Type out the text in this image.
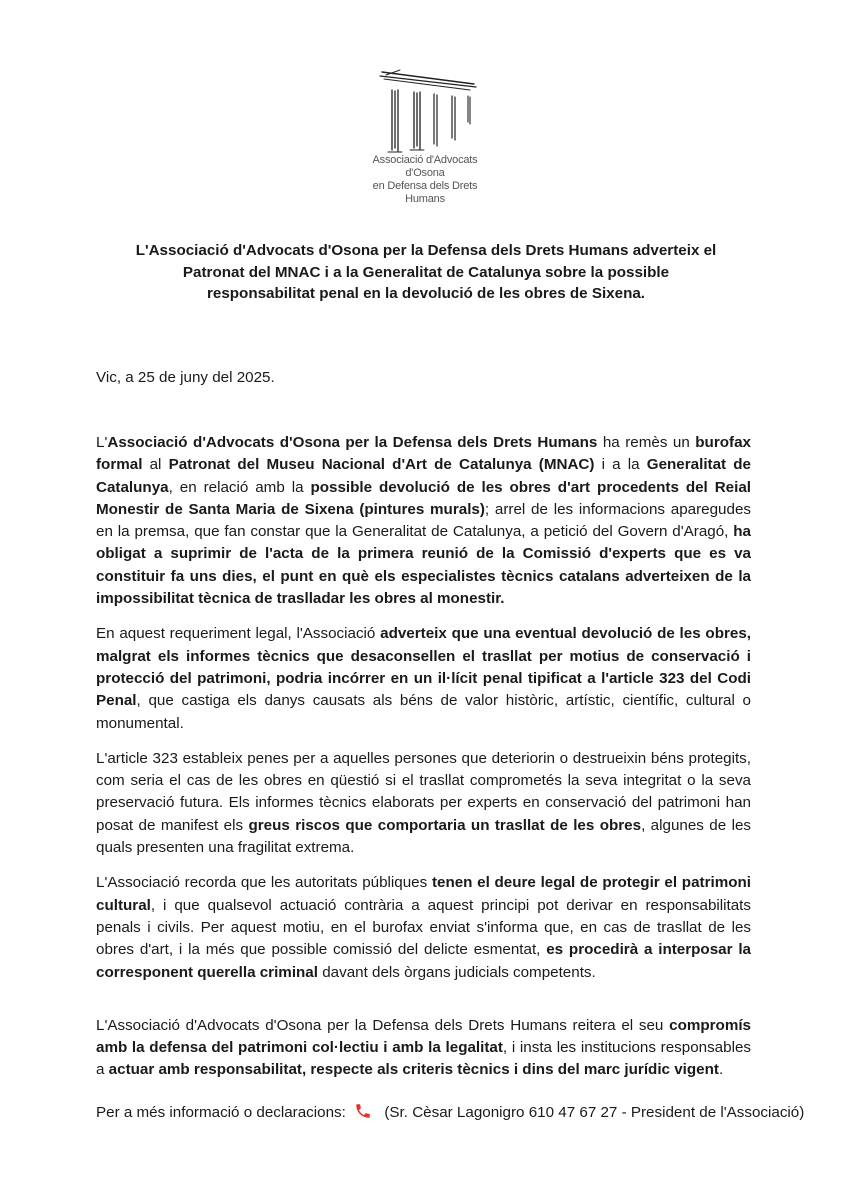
Associació d'Advocats d'Osona
en Defensa dels Drets Humans
L'Associació d'Advocats d'Osona per la Defensa dels Drets Humans adverteix el
Patronat del MNAC i a la Generalitat de Catalunya sobre la possible
responsabilitat penal en la devolució de les obres de Sixena.
Vic, a 25 de juny del 2025.

L'Associació d'Advocats d'Osona per la Defensa dels Drets Humans ha remès un burofax formal al Patronat del Museu Nacional d'Art de Catalunya (MNAC) i a la Generalitat de Catalunya, en relació amb la possible devolució de les obres d'art procedents del Reial Monestir de Santa Maria de Sixena (pintures murals); arrel de les informacions aparegudes en la premsa, que fan constar que la Generalitat de Catalunya, a petició del Govern d'Aragó, ha obligat a suprimir de l'acta de la primera reunió de la Comissió d'experts que es va constituir fa uns dies, el punt en què els especialistes tècnics catalans adverteixen de la impossibilitat tècnica de traslladar les obres al monestir.

En aquest requeriment legal, l'Associació adverteix que una eventual devolució de les obres, malgrat els informes tècnics que desaconsellen el trasllat per motius de conservació i protecció del patrimoni, podria incórrer en un il·lícit penal tipificat a l'article 323 del Codi Penal, que castiga els danys causats als béns de valor històric, artístic, científic, cultural o monumental.

L'article 323 estableix penes per a aquelles persones que deteriorin o destrueixin béns protegits, com seria el cas de les obres en qüestió si el trasllat comprometés la seva integritat o la seva preservació futura. Els informes tècnics elaborats per experts en conservació del patrimoni han posat de manifest els greus riscos que comportaria un trasllat de les obres, algunes de les quals presenten una fragilitat extrema.

L'Associació recorda que les autoritats públiques tenen el deure legal de protegir el patrimoni cultural, i que qualsevol actuació contrària a aquest principi pot derivar en responsabilitats penals i civils. Per aquest motiu, en el burofax enviat s'informa que, en cas de trasllat de les obres d'art, i la més que possible comissió del delicte esmentat, es procedirà a interposar la corresponent querella criminal davant dels òrgans judicials competents.

L'Associació d'Advocats d'Osona per la Defensa dels Drets Humans reitera el seu compromís amb la defensa del patrimoni col·lectiu i amb la legalitat, i insta les institucions responsables a actuar amb responsabilitat, respecte als criteris tècnics i dins del marc jurídic vigent.

Per a més informació o declaracions:	(Sr. Cèsar Lagonigro 610 47 67 27 - President de l'Associació)
